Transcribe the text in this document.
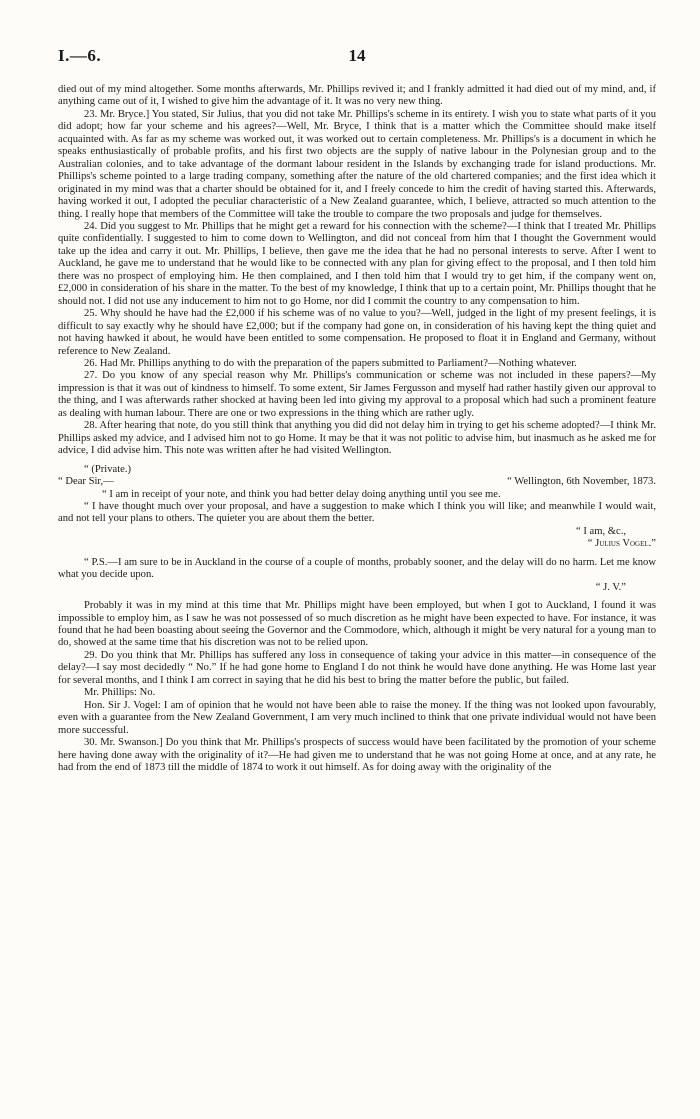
I.—6.	14

died out of my mind altogether. Some months afterwards, Mr. Phillips revived it; and I frankly admitted it had died out of my mind, and, if anything came out of it, I wished to give him the advantage of it. It was no very new thing.

23. Mr. Bryce.] You stated, Sir Julius, that you did not take Mr. Phillips's scheme in its entirety. I wish you to state what parts of it you did adopt; how far your scheme and his agrees?—Well, Mr. Bryce, I think that is a matter which the Committee should make itself acquainted with. As far as my scheme was worked out, it was worked out to certain completeness. Mr. Phillips's is a document in which he speaks enthusiastically of probable profits, and his first two objects are the supply of native labour in the Polynesian group and to the Australian colonies, and to take advantage of the dormant labour resident in the Islands by exchanging trade for island productions. Mr. Phillips's scheme pointed to a large trading company, something after the nature of the old chartered companies; and the first idea which it originated in my mind was that a charter should be obtained for it, and I freely concede to him the credit of having started this. Afterwards, having worked it out, I adopted the peculiar characteristic of a New Zealand guarantee, which, I believe, attracted so much attention to the thing. I really hope that members of the Committee will take the trouble to compare the two proposals and judge for themselves.

24. Did you suggest to Mr. Phillips that he might get a reward for his connection with the scheme?—I think that I treated Mr. Phillips quite confidentially. I suggested to him to come down to Wellington, and did not conceal from him that I thought the Government would take up the idea and carry it out. Mr. Phillips, I believe, then gave me the idea that he had no personal interests to serve. After I went to Auckland, he gave me to understand that he would like to be connected with any plan for giving effect to the proposal, and I then told him there was no prospect of employing him. He then complained, and I then told him that I would try to get him, if the company went on, £2,000 in consideration of his share in the matter. To the best of my knowledge, I think that up to a certain point, Mr. Phillips thought that he should not. I did not use any inducement to him not to go Home, nor did I commit the country to any compensation to him.

25. Why should he have had the £2,000 if his scheme was of no value to you?—Well, judged in the light of my present feelings, it is difficult to say exactly why he should have £2,000; but if the company had gone on, in consideration of his having kept the thing quiet and not having hawked it about, he would have been entitled to some compensation. He proposed to float it in England and Germany, without reference to New Zealand.

26. Had Mr. Phillips anything to do with the preparation of the papers submitted to Parliament?—Nothing whatever.

27. Do you know of any special reason why Mr. Phillips's communication or scheme was not included in these papers?—My impression is that it was out of kindness to himself. To some extent, Sir James Fergusson and myself had rather hastily given our approval to the thing, and I was afterwards rather shocked at having been led into giving my approval to a proposal which had such a prominent feature as dealing with human labour. There are one or two expressions in the thing which are rather ugly.

28. After hearing that note, do you still think that anything you did did not delay him in trying to get his scheme adopted?—I think Mr. Phillips asked my advice, and I advised him not to go Home. It may be that it was not politic to advise him, but inasmuch as he asked me for advice, I did advise him. This note was written after he had visited Wellington.

“ (Private.)

“ Dear Sir,—	“ Wellington, 6th November, 1873.

“ I am in receipt of your note, and think you had better delay doing anything until you see me.

“ I have thought much over your proposal, and have a suggestion to make which I think you will like; and meanwhile I would wait, and not tell your plans to others. The quieter you are about them the better.

“ I am, &c.,

“ Julius Vogel.”

“ P.S.—I am sure to be in Auckland in the course of a couple of months, probably sooner, and the delay will do no harm. Let me know what you decide upon.

“ J. V.”

Probably it was in my mind at this time that Mr. Phillips might have been employed, but when I got to Auckland, I found it was impossible to employ him, as I saw he was not possessed of so much discretion as he might have been expected to have. For instance, it was found that he had been boasting about seeing the Governor and the Commodore, which, although it might be very natural for a young man to do, showed at the same time that his discretion was not to be relied upon.

29. Do you think that Mr. Phillips has suffered any loss in consequence of taking your advice in this matter—in consequence of the delay?—I say most decidedly “ No.” If he had gone home to England I do not think he would have done anything. He was Home last year for several months, and I think I am correct in saying that he did his best to bring the matter before the public, but failed.

Mr. Phillips: No.

Hon. Sir J. Vogel: I am of opinion that he would not have been able to raise the money. If the thing was not looked upon favourably, even with a guarantee from the New Zealand Government, I am very much inclined to think that one private individual would not have been more successful.

30. Mr. Swanson.] Do you think that Mr. Phillips's prospects of success would have been facilitated by the promotion of your scheme here having done away with the originality of it?—He had given me to understand that he was not going Home at once, and at any rate, he had from the end of 1873 till the middle of 1874 to work it out himself. As for doing away with the originality of the
